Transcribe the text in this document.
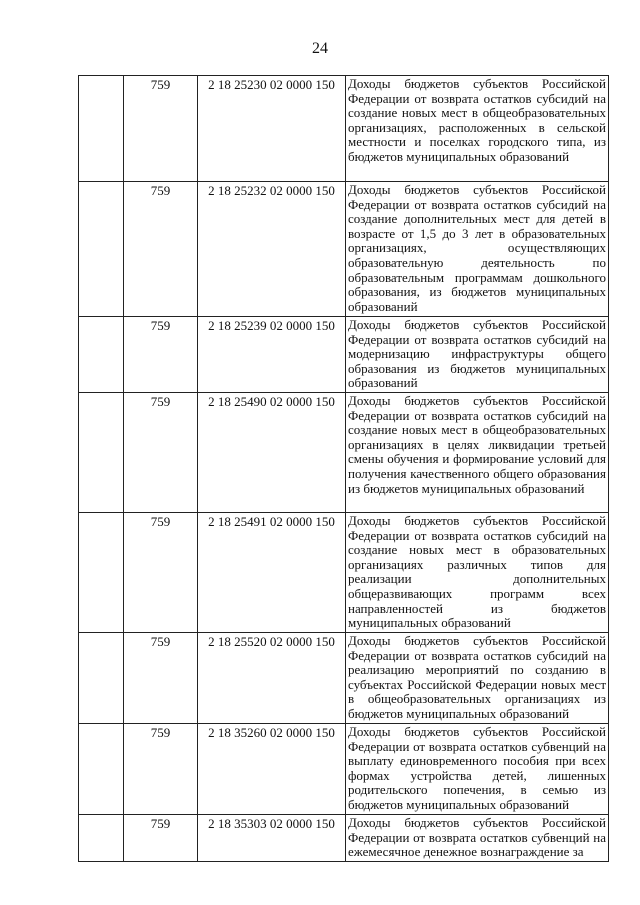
24
	759	2 18 25230 02 0000 150	Доходы бюджетов субъектов Российской Федерации от возврата остатков субсидий на создание новых мест в общеобразовательных организациях, расположенных в сельской местности и поселках городского типа, из бюджетов муниципальных образований
	759	2 18 25232 02 0000 150	Доходы бюджетов субъектов Российской Федерации от возврата остатков субсидий на создание дополнительных мест для детей в возрасте от 1,5 до 3 лет в образовательных организациях, осуществляющих образовательную деятельность по образовательным программам дошкольного образования, из бюджетов муниципальных образований
	759	2 18 25239 02 0000 150	Доходы бюджетов субъектов Российской Федерации от возврата остатков субсидий на модернизацию инфраструктуры общего образования из бюджетов муниципальных образований
	759	2 18 25490 02 0000 150	Доходы бюджетов субъектов Российской Федерации от возврата остатков субсидий на создание новых мест в общеобразовательных организациях в целях ликвидации третьей смены обучения и формирование условий для получения качественного общего образования из бюджетов муниципальных образований
	759	2 18 25491 02 0000 150	Доходы бюджетов субъектов Российской Федерации от возврата остатков субсидий на создание новых мест в образовательных организациях различных типов для реализации дополнительных общеразвивающих программ всех направленностей из бюджетов муниципальных образований
	759	2 18 25520 02 0000 150	Доходы бюджетов субъектов Российской Федерации от возврата остатков субсидий на реализацию мероприятий по созданию в субъектах Российской Федерации новых мест в общеобразовательных организациях из бюджетов муниципальных образований
	759	2 18 35260 02 0000 150	Доходы бюджетов субъектов Российской Федерации от возврата остатков субвенций на выплату единовременного пособия при всех формах устройства детей, лишенных родительского попечения, в семью из бюджетов муниципальных образований
	759	2 18 35303 02 0000 150	Доходы бюджетов субъектов Российской Федерации от возврата остатков субвенций на ежемесячное денежное вознаграждение за
